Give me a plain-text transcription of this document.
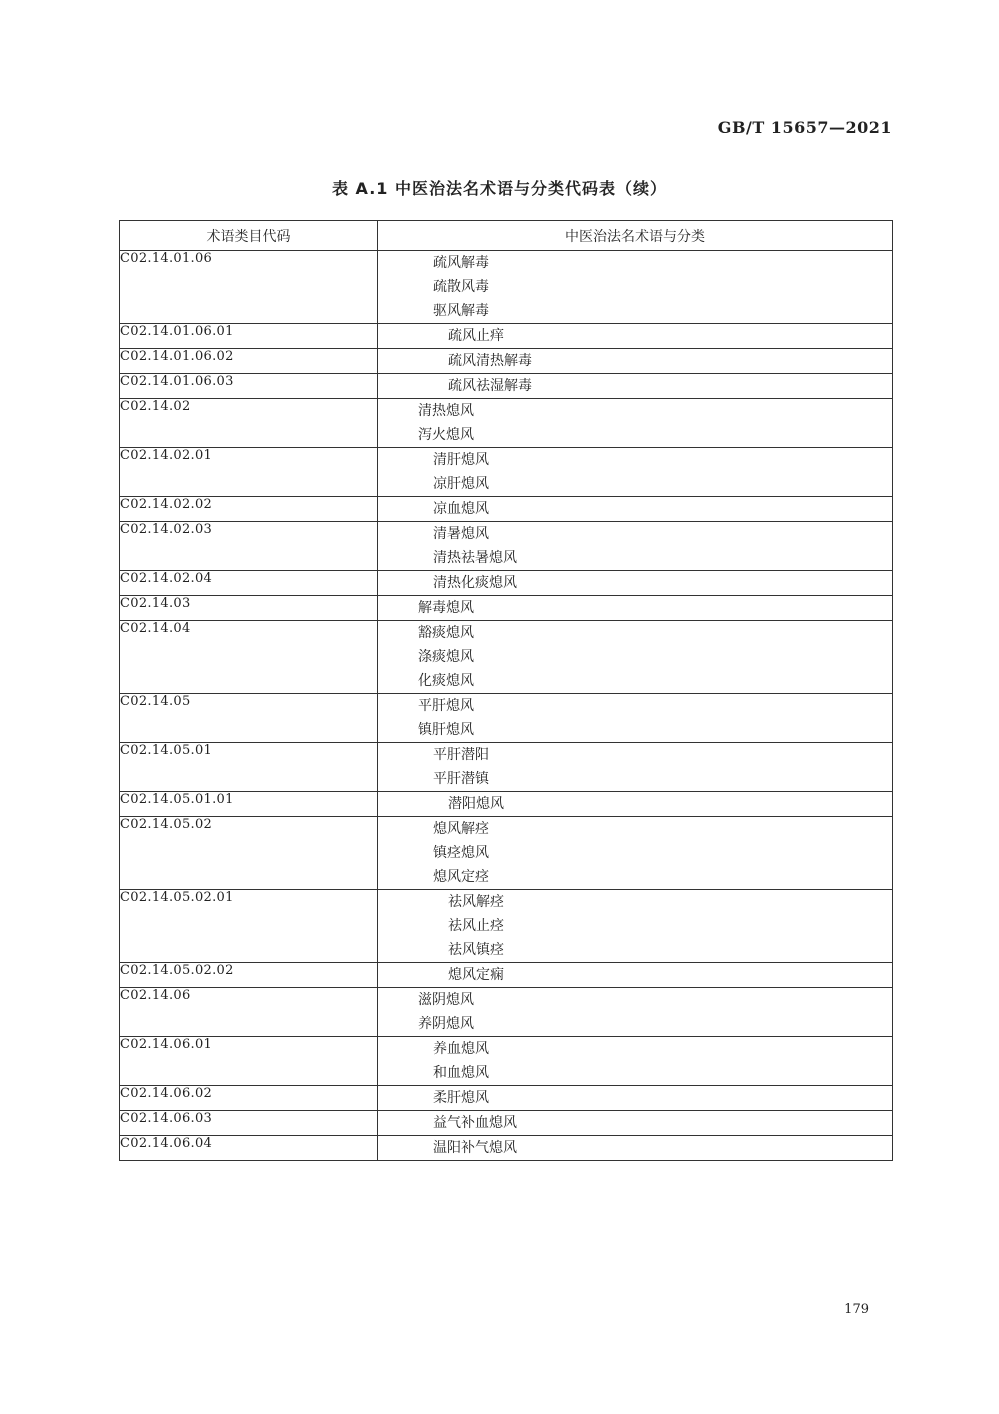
GB/T 15657—2021
表 A.1 中医治法名术语与分类代码表（续）
术语类目代码	中医治法名术语与分类
C02.14.01.06	疏风解毒
疏散风毒
驱风解毒

C02.14.01.06.01	疏风止痒

C02.14.01.06.02	疏风清热解毒

C02.14.01.06.03	疏风祛湿解毒

C02.14.02	清热熄风
泻火熄风

C02.14.02.01	清肝熄风
凉肝熄风

C02.14.02.02	凉血熄风

C02.14.02.03	清暑熄风
清热祛暑熄风

C02.14.02.04	清热化痰熄风

C02.14.03	解毒熄风

C02.14.04	豁痰熄风
涤痰熄风
化痰熄风

C02.14.05	平肝熄风
镇肝熄风

C02.14.05.01	平肝潜阳
平肝潜镇

C02.14.05.01.01	潜阳熄风

C02.14.05.02	熄风解痉
镇痉熄风
熄风定痉

C02.14.05.02.01	祛风解痉
祛风止痉
祛风镇痉

C02.14.05.02.02	熄风定痫

C02.14.06	滋阴熄风
养阴熄风

C02.14.06.01	养血熄风
和血熄风

C02.14.06.02	柔肝熄风

C02.14.06.03	益气补血熄风

C02.14.06.04	温阳补气熄风
179
